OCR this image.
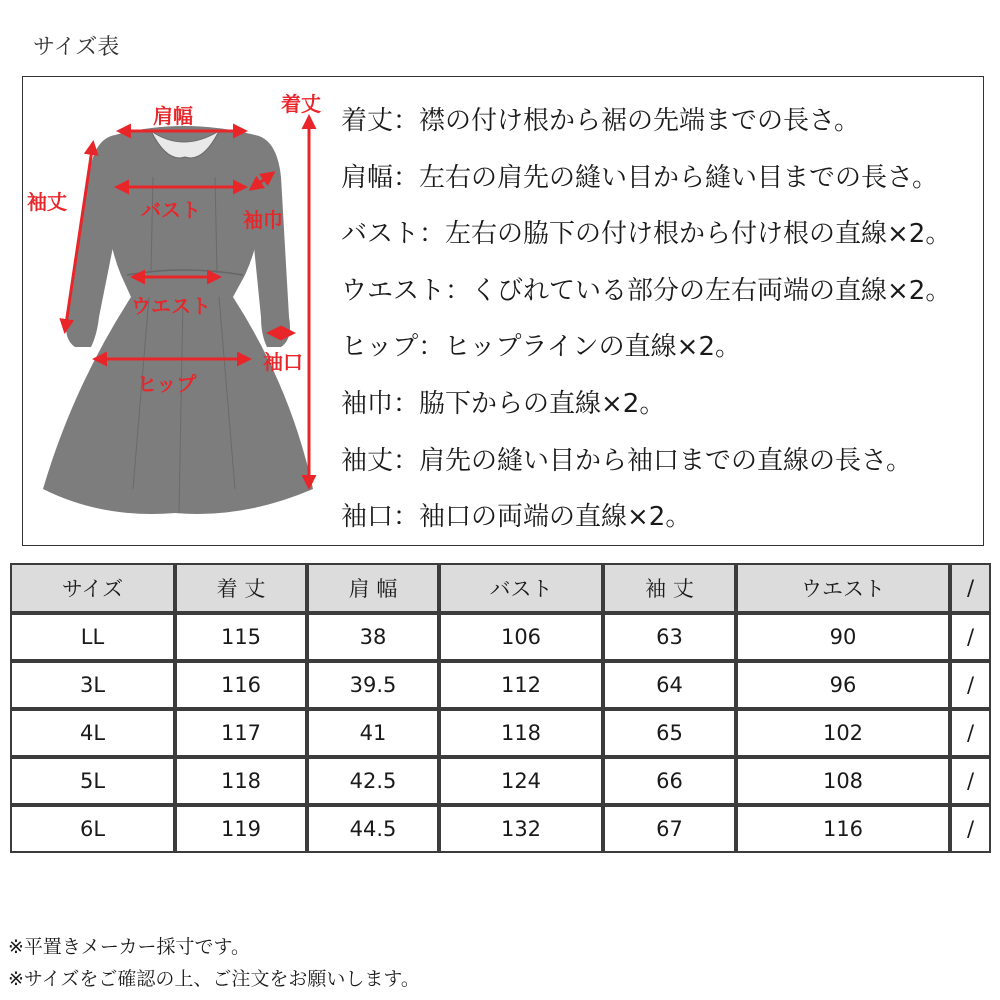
サイズ表
肩幅	着丈
袖丈	バスト 袖巾
ウエスト
袖口
ヒップ
着丈：襟の付け根から裾の先端までの長さ。
肩幅：左右の肩先の縫い目から縫い目までの長さ。
バスト：左右の脇下の付け根から付け根の直線×2。
ウエスト：くびれている部分の左右両端の直線×2。
ヒップ：ヒップラインの直線×2。
袖巾：脇下からの直線×2。
袖丈：肩先の縫い目から袖口までの直線の長さ。
袖口：袖口の両端の直線×2。
サイズ	着 丈	肩 幅	バスト	袖 丈	ウエスト	/
LL	115	38	106	63	90	/
3L	116	39.5	112	64	96	/
4L	117	41	118	65	102	/
5L	118	42.5	124	66	108	/
6L	119	44.5	132	67	116	/
※平置きメーカー採寸です。
※サイズをご確認の上、ご注文をお願いします。
